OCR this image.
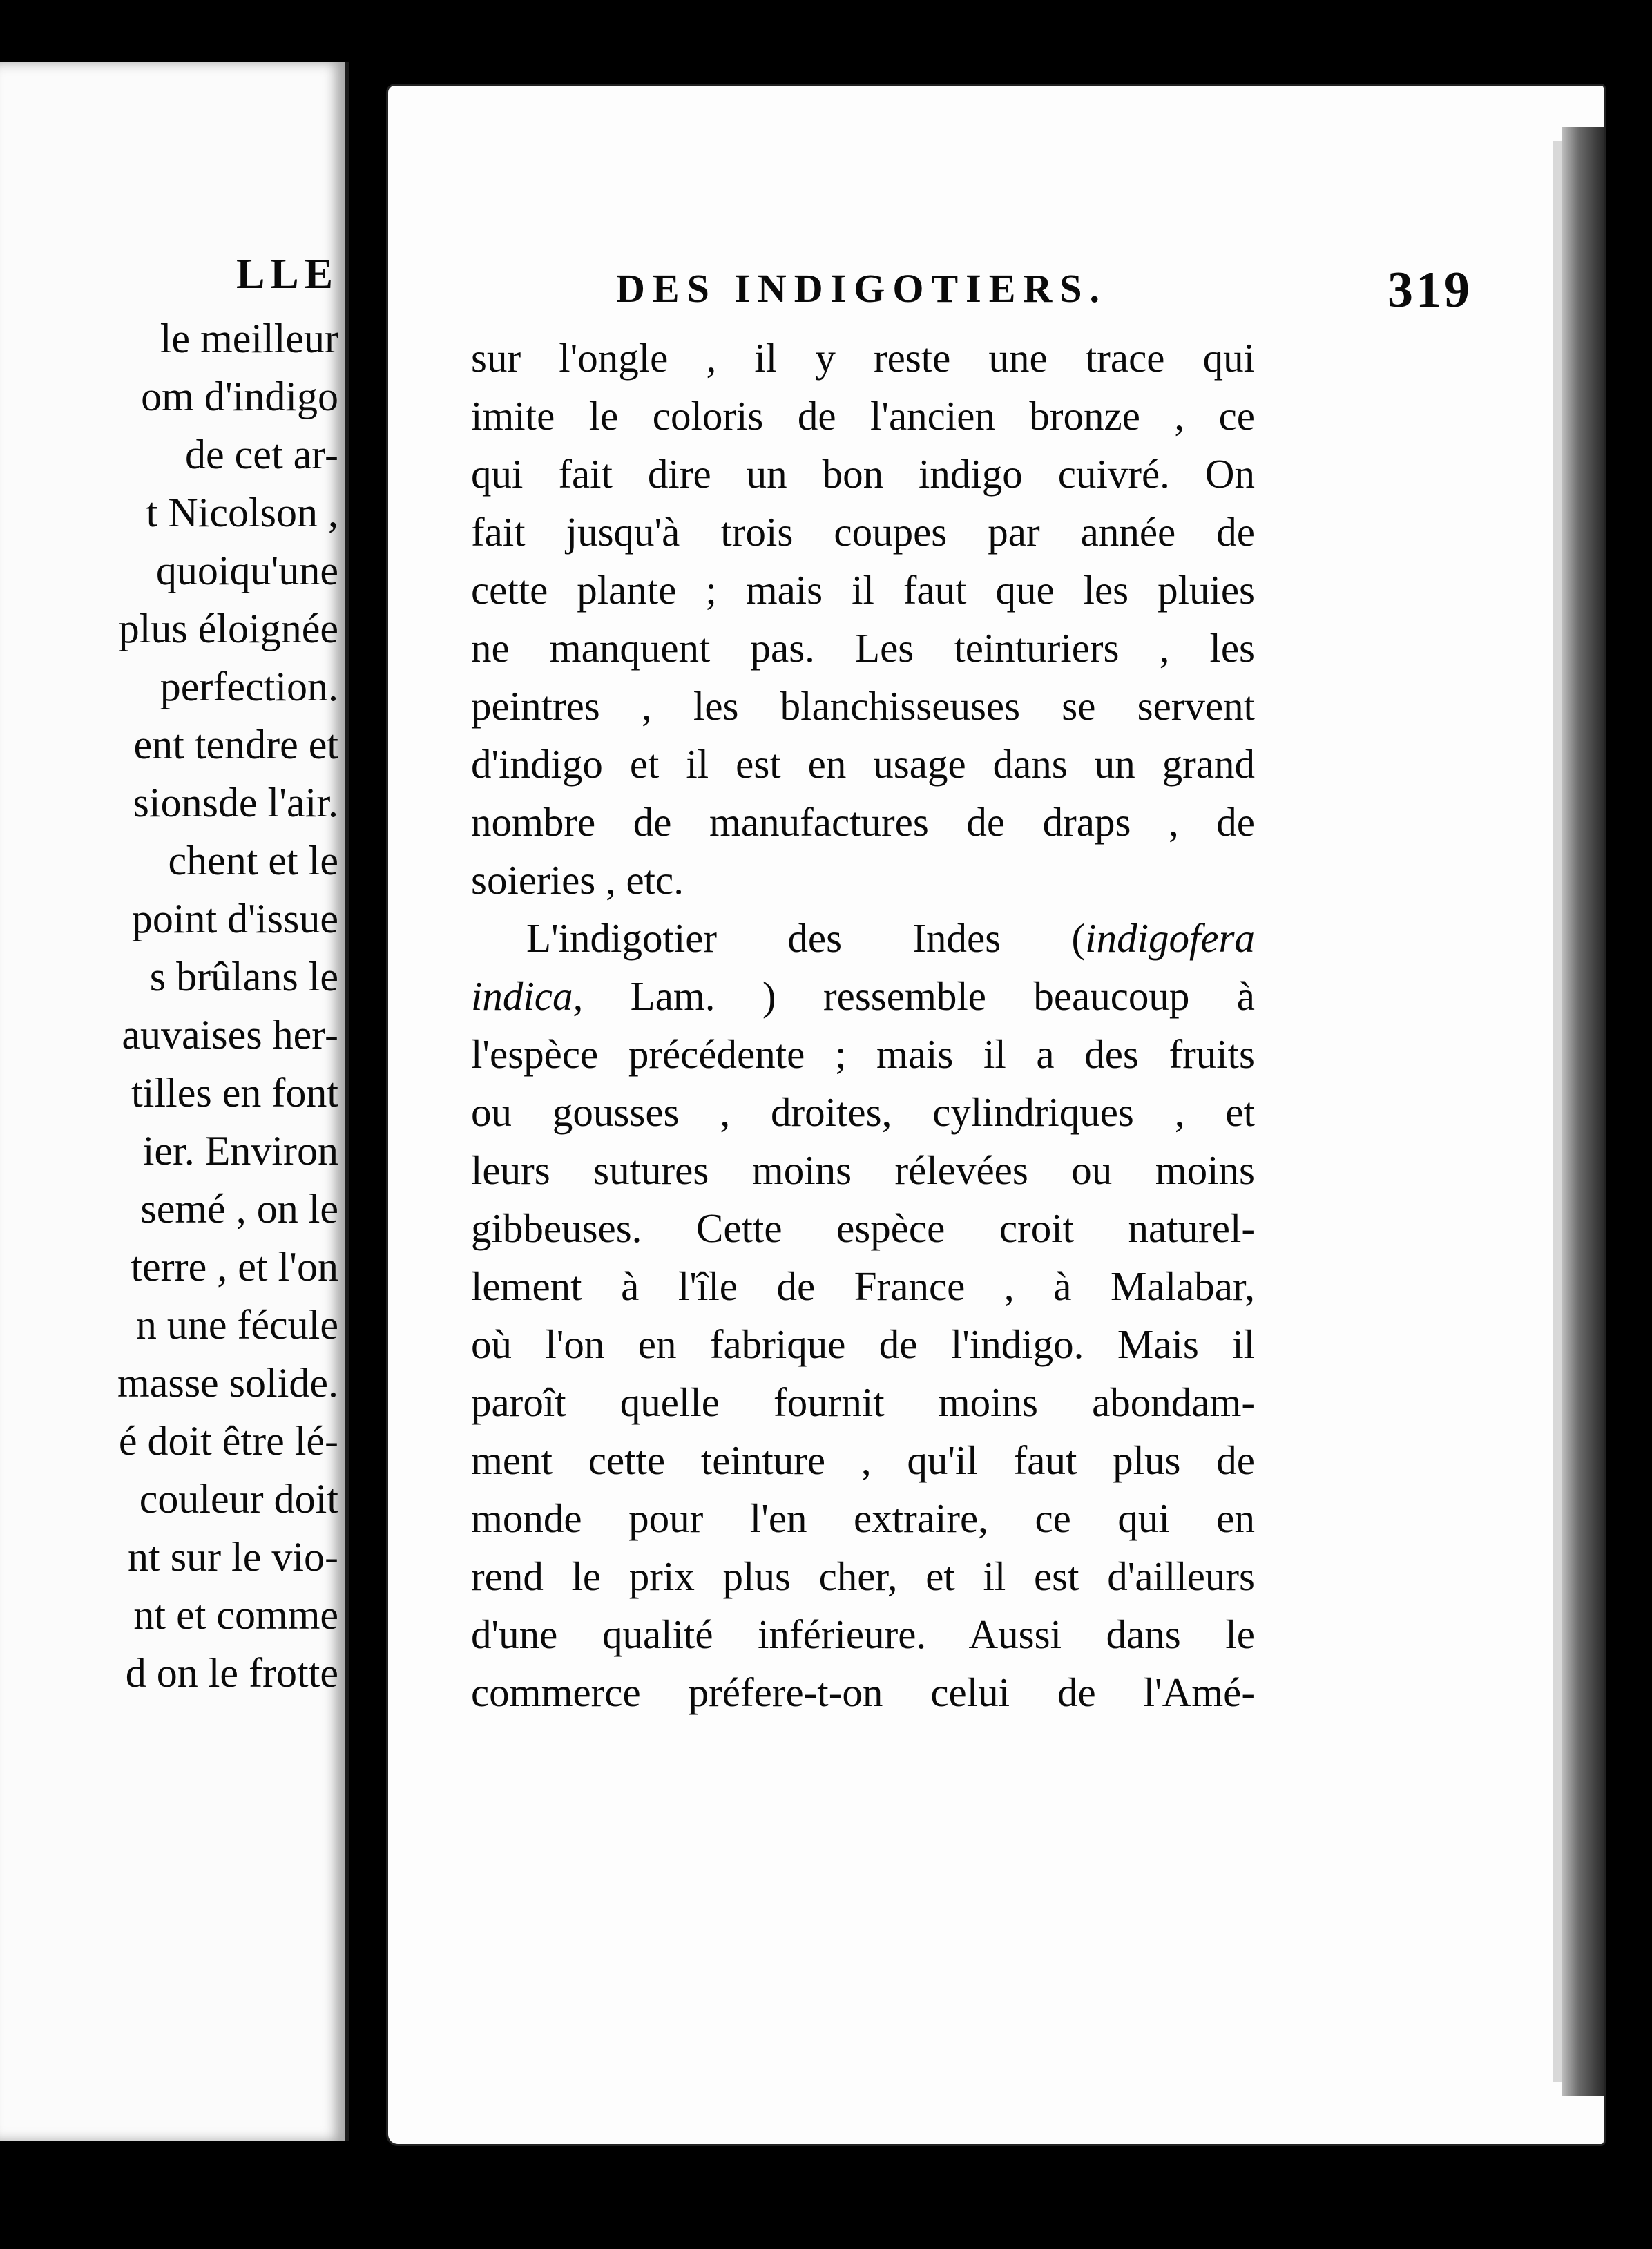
LLE
le meilleur
om d'indigo
de cet ar-
t Nicolson ,
quoiqu'une
plus éloignée
perfection.
ent tendre et
sionsde l'air.
chent et le
point d'issue
s brûlans le
auvaises her-
tilles en font
ier. Environ
semé , on le
terre , et l'on
n une fécule
masse solide.
é doit être lé-
couleur doit
nt sur le vio-
nt et comme
d on le frotte
DES INDIGOTIERS.	319
sur l'ongle , il y reste une trace qui
imite le coloris de l'ancien bronze , ce
qui fait dire un bon indigo cuivré. On
fait jusqu'à trois coupes par année de
cette plante ; mais il faut que les pluies
ne manquent pas. Les teinturiers , les
peintres , les blanchisseuses se servent
d'indigo et il est en usage dans un grand
nombre de manufactures de draps , de
soieries , etc.
L'indigotier des Indes (indigofera
indica, Lam. ) ressemble beaucoup à
l'espèce précédente ; mais il a des fruits
ou gousses , droites, cylindriques , et
leurs sutures moins rélevées ou moins
gibbeuses. Cette espèce croit naturel-
lement à l'île de France , à Malabar,
où l'on en fabrique de l'indigo. Mais il
paroît quelle fournit moins abondam-
ment cette teinture , qu'il faut plus de
monde pour l'en extraire, ce qui en
rend le prix plus cher, et il est d'ailleurs
d'une qualité inférieure. Aussi dans le
commerce préfere-t-on celui de l'Amé-
